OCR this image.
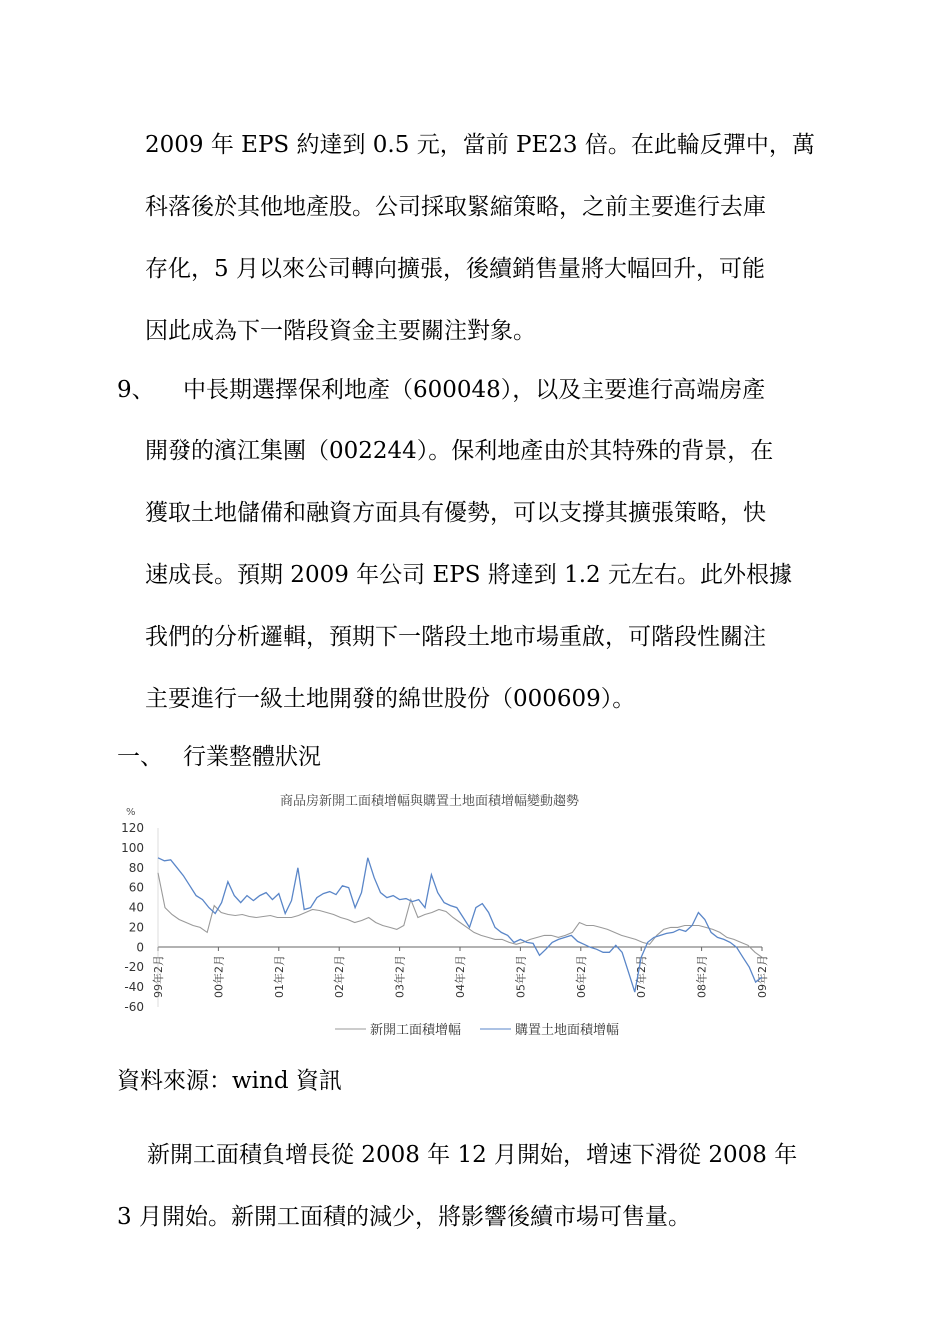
2009 年 EPS 約達到 0.5 元，當前 PE23 倍。在此輪反彈中，萬
科落後於其他地產股。公司採取緊縮策略，之前主要進行去庫
存化，5 月以來公司轉向擴張，後續銷售量將大幅回升，可能
因此成為下一階段資金主要關注對象。
9、 中長期選擇保利地產（600048），以及主要進行高端房產
開發的濱江集團（002244）。保利地產由於其特殊的背景，在
獲取土地儲備和融資方面具有優勢，可以支撐其擴張策略，快
速成長。預期 2009 年公司 EPS 將達到 1.2 元左右。此外根據
我們的分析邏輯，預期下一階段土地市場重啟，可階段性關注
主要進行一級土地開發的綿世股份（000609）。
一、 行業整體狀況
商品房新開工面積增幅與購置土地面積增幅變動趨勢
%
120
100
80
60
40
20
0
-20
-40
-60
99年2月	00年2月	01年2月	02年2月	03年2月	04年2月	05年2月	06年2月	07年2月	08年2月	09年2月
新開工面積增幅	購置土地面積增幅
資料來源：wind 資訊
新開工面積負增長從 2008 年 12 月開始，增速下滑從 2008 年
3 月開始。新開工面積的減少，將影響後續市場可售量。
